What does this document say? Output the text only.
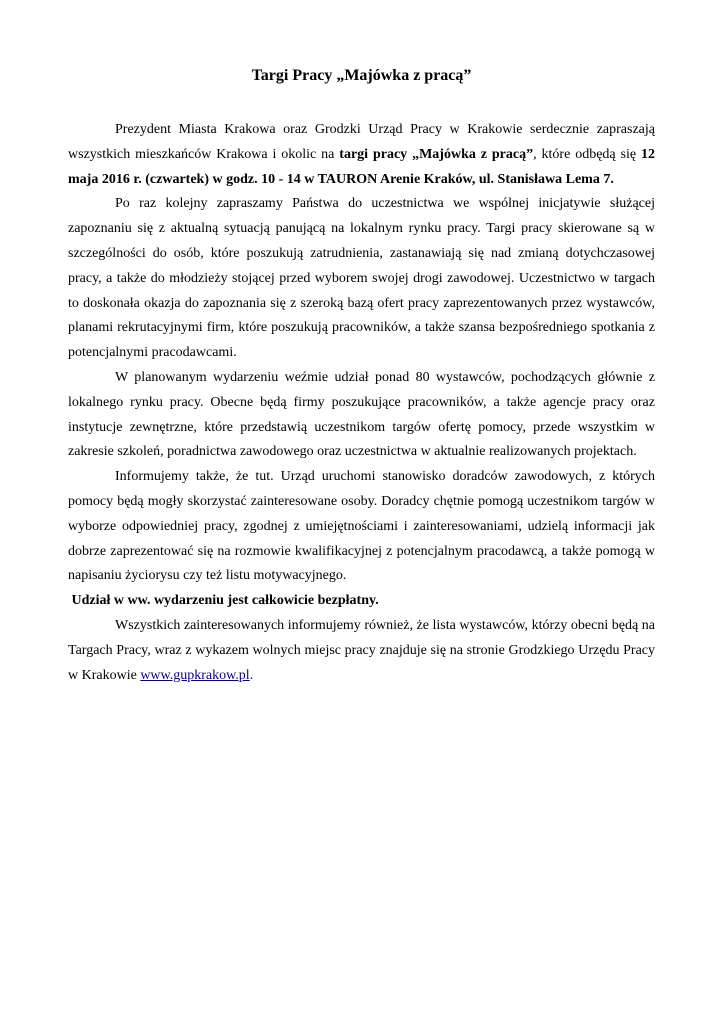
Targi Pracy „Majówka z pracą”

Prezydent Miasta Krakowa oraz Grodzki Urząd Pracy w Krakowie serdecznie zapraszają wszystkich mieszkańców Krakowa i okolic na targi pracy „Majówka z pracą”, które odbędą się 12 maja 2016 r. (czwartek) w godz. 10 - 14 w TAURON Arenie Kraków, ul. Stanisława Lema 7.

Po raz kolejny zapraszamy Państwa do uczestnictwa we wspólnej inicjatywie służącej zapoznaniu się z aktualną sytuacją panującą na lokalnym rynku pracy. Targi pracy skierowane są w szczególności do osób, które poszukują zatrudnienia, zastanawiają się nad zmianą dotychczasowej pracy, a także do młodzieży stojącej przed wyborem swojej drogi zawodowej. Uczestnictwo w targach to doskonała okazja do zapoznania się z szeroką bazą ofert pracy zaprezentowanych przez wystawców, planami rekrutacyjnymi firm, które poszukują pracowników, a także szansa bezpośredniego spotkania z potencjalnymi pracodawcami.

W planowanym wydarzeniu weźmie udział ponad 80 wystawców, pochodzących głównie z lokalnego rynku pracy. Obecne będą firmy poszukujące pracowników, a także agencje pracy oraz instytucje zewnętrzne, które przedstawią uczestnikom targów ofertę pomocy, przede wszystkim w zakresie szkoleń, poradnictwa zawodowego oraz uczestnictwa w aktualnie realizowanych projektach.

Informujemy także, że tut. Urząd uruchomi stanowisko doradców zawodowych, z których pomocy będą mogły skorzystać zainteresowane osoby. Doradcy chętnie pomogą uczestnikom targów w wyborze odpowiedniej pracy, zgodnej z umiejętnościami i zainteresowaniami, udzielą informacji jak dobrze zaprezentować się na rozmowie kwalifikacyjnej z potencjalnym pracodawcą, a także pomogą w napisaniu życiorysu czy też listu motywacyjnego.

Udział w ww. wydarzeniu jest całkowicie bezpłatny.

Wszystkich zainteresowanych informujemy również, że lista wystawców, którzy obecni będą na Targach Pracy, wraz z wykazem wolnych miejsc pracy znajduje się na stronie Grodzkiego Urzędu Pracy w Krakowie www.gupkrakow.pl.
